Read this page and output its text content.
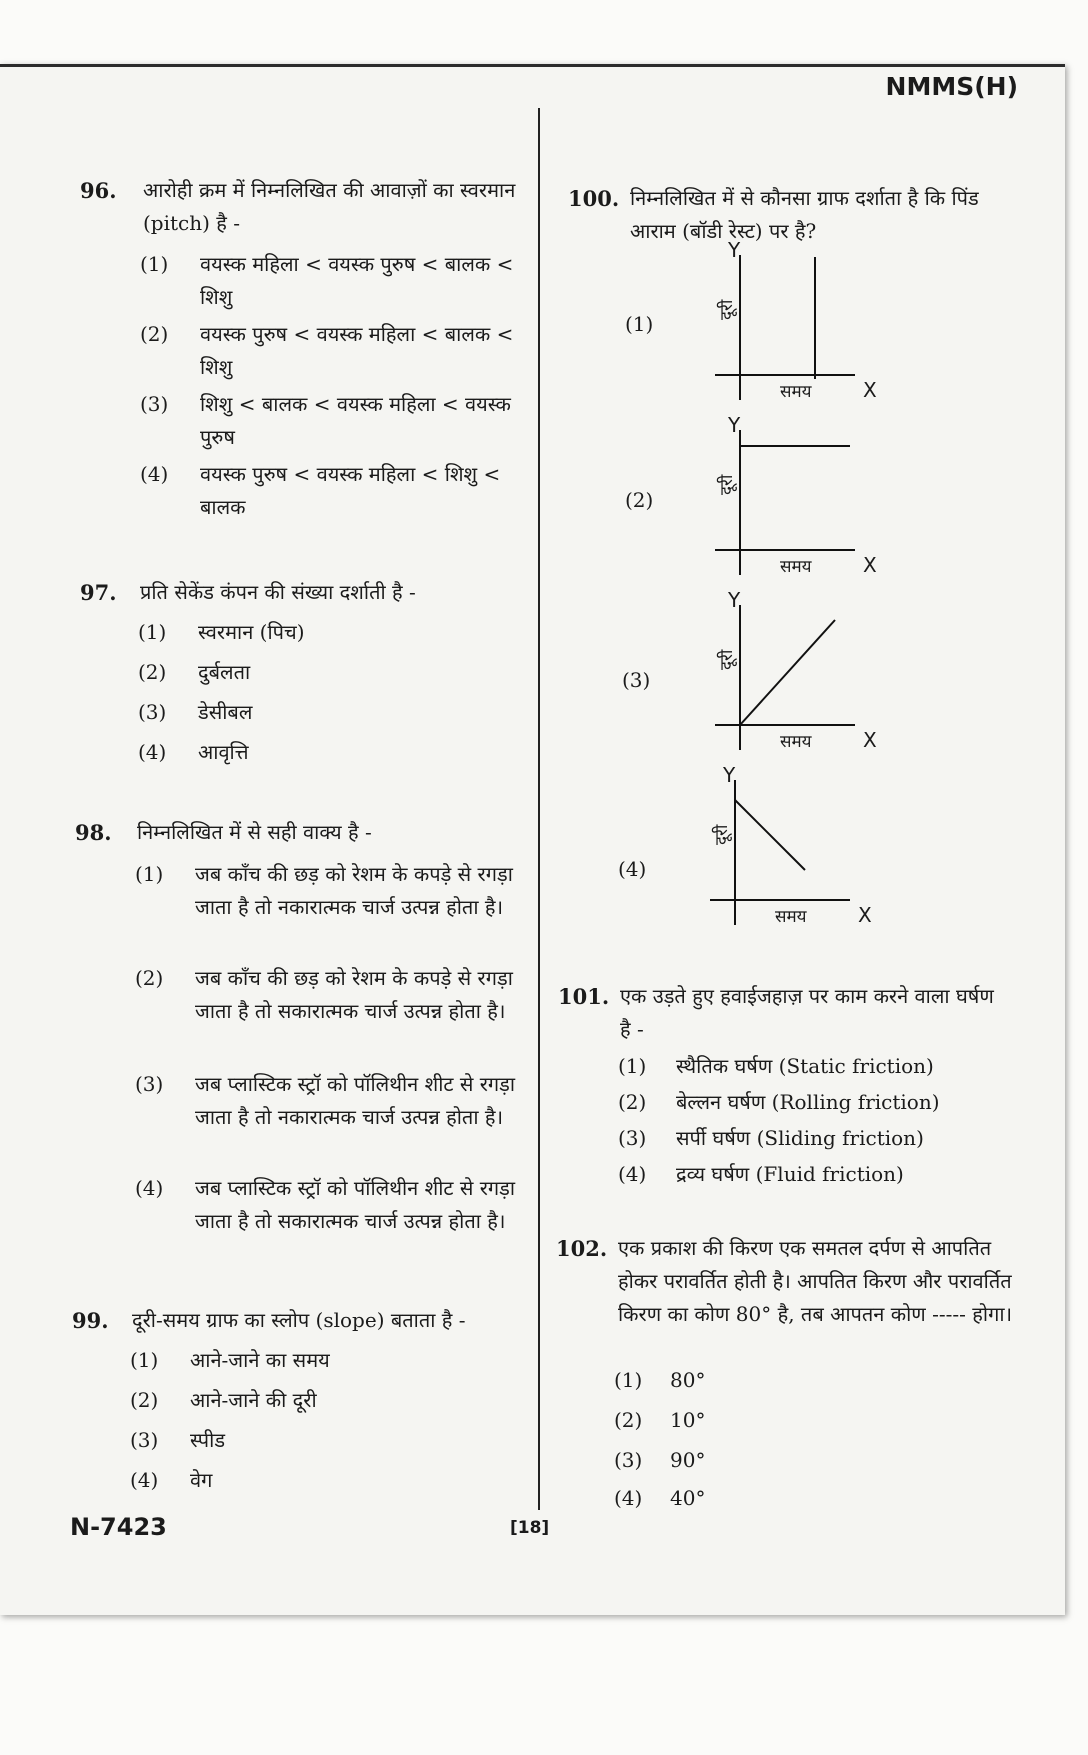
NMMS(H)
96. आरोही क्रम में निम्नलिखित की आवाज़ों का स्वरमान (pitch) है -
(1) वयस्क महिला < वयस्क पुरुष < बालक < शिशु
(2) वयस्क पुरुष < वयस्क महिला < बालक < शिशु
(3) शिशु < बालक < वयस्क महिला < वयस्क पुरुष
(4) वयस्क पुरुष < वयस्क महिला < शिशु < बालक
97. प्रति सेकेंड कंपन की संख्या दर्शाती है -
(1) स्वरमान (पिच)
(2) दुर्बलता
(3) डेसीबल
(4) आवृत्ति
98. निम्नलिखित में से सही वाक्य है -
(1) जब काँच की छड़ को रेशम के कपड़े से रगड़ा जाता है तो नकारात्मक चार्ज उत्पन्न होता है।
(2) जब काँच की छड़ को रेशम के कपड़े से रगड़ा जाता है तो सकारात्मक चार्ज उत्पन्न होता है।
(3) जब प्लास्टिक स्ट्रॉ को पॉलिथीन शीट से रगड़ा जाता है तो नकारात्मक चार्ज उत्पन्न होता है।
(4) जब प्लास्टिक स्ट्रॉ को पॉलिथीन शीट से रगड़ा जाता है तो सकारात्मक चार्ज उत्पन्न होता है।
99. दूरी-समय ग्राफ का स्लोप (slope) बताता है -
(1) आने-जाने का समय
(2) आने-जाने की दूरी
(3) स्पीड
(4) वेग
100. निम्नलिखित में से कौनसा ग्राफ दर्शाता है कि पिंड आराम (बॉडी रेस्ट) पर है?
(1)
Y
X
समय
दूरी
(2)
Y
X
समय
दूरी
(3)
Y
X
समय
दूरी
(4)
Y
X
समय
दूरी
101. एक उड़ते हुए हवाईजहाज़ पर काम करने वाला घर्षण है -
(1) स्थैतिक घर्षण (Static friction)
(2) बेल्लन घर्षण (Rolling friction)
(3) सर्पी घर्षण (Sliding friction)
(4) द्रव्य घर्षण (Fluid friction)
102. एक प्रकाश की किरण एक समतल दर्पण से आपतित होकर परावर्तित होती है। आपतित किरण और परावर्तित किरण का कोण 80° है, तब आपतन कोण ----- होगा।
(1) 80°
(2) 10°
(3) 90°
(4) 40°
N-7423	[18]
